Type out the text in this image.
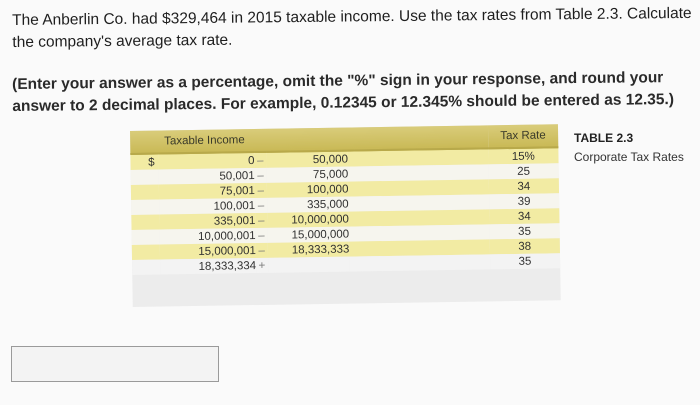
The Anberlin Co. had $329,464 in 2015 taxable income. Use the tax rates from Table 2.3. Calculate the company's average tax rate.
(Enter your answer as a percentage, omit the "%" sign in your response, and round your answer to 2 decimal places. For example, 0.12345 or 12.345% should be entered as 12.35.)
Taxable Income					Tax Rate
$	0	–	50,000		15%
	50,001	–	75,000		25
	75,001	–	100,000		34
	100,001	–	335,000		39
	335,001	–	10,000,000		34
	10,000,001	–	15,000,000		35
	15,000,001	–	18,333,333		38
	18,333,334	+			35
TABLE 2.3
Corporate Tax Rates
